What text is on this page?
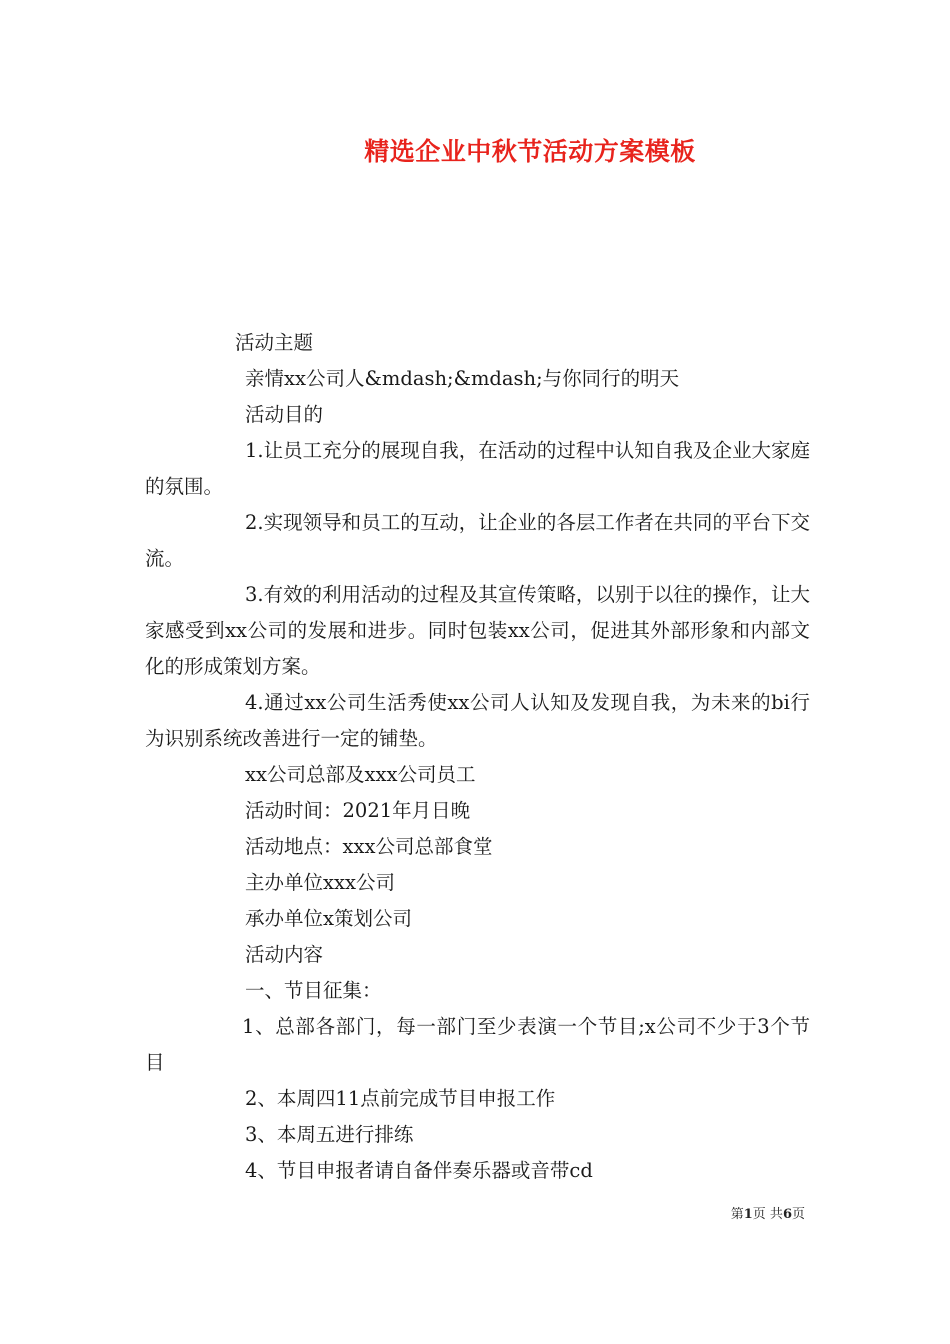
精选企业中秋节活动方案模板

活动主题

亲情xx公司人&mdash;&mdash;与你同行的明天

活动目的

1.让员工充分的展现自我，在活动的过程中认知自我及企业大家庭的氛围。

2.实现领导和员工的互动，让企业的各层工作者在共同的平台下交流。

3.有效的利用活动的过程及其宣传策略，以别于以往的操作，让大家感受到xx公司的发展和进步。同时包装xx公司，促进其外部形象和内部文化的形成策划方案。

4.通过xx公司生活秀使xx公司人认知及发现自我，为未来的bi行为识别系统改善进行一定的铺垫。

xx公司总部及xxx公司员工

活动时间：2021年月日晚

活动地点：xxx公司总部食堂

主办单位xxx公司

承办单位x策划公司

活动内容

一、节目征集：

1、总部各部门，每一部门至少表演一个节目;x公司不少于3个节目

2、本周四11点前完成节目申报工作

3、本周五进行排练

4、节目申报者请自备伴奏乐器或音带cd

第1页 共6页
